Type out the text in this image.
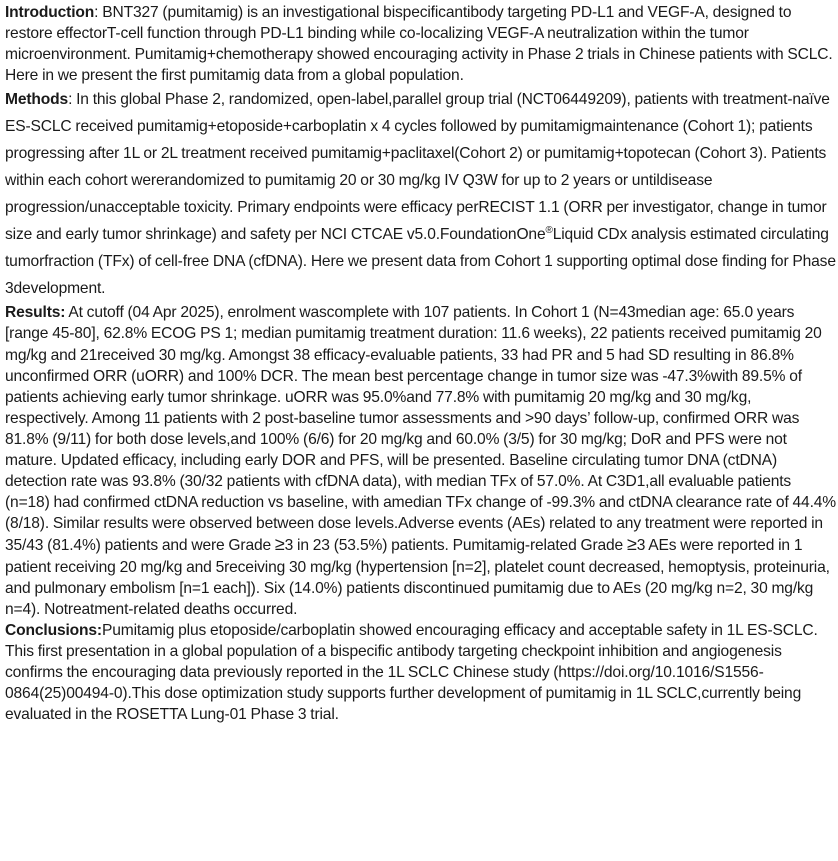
Introduction: BNT327 (pumitamig) is an investigational bispecificantibody targeting PD-L1 and VEGF-A, designed to restore effectorT-cell function through PD-L1 binding while co-localizing VEGF-A neutralization within the tumor microenvironment. Pumitamig+chemotherapy showed encouraging activity in Phase 2 trials in Chinese patients with SCLC. Here in we present the first pumitamig data from a global population.

Methods: In this global Phase 2, randomized, open-label,parallel group trial (NCT06449209), patients with treatment-naïve ES-SCLC received pumitamig+etoposide+carboplatin x 4 cycles followed by pumitamigmaintenance (Cohort 1); patients progressing after 1L or 2L treatment received pumitamig+paclitaxel(Cohort 2) or pumitamig+topotecan (Cohort 3). Patients within each cohort wererandomized to pumitamig 20 or 30 mg/kg IV Q3W for up to 2 years or untildisease progression/unacceptable toxicity. Primary endpoints were efficacy perRECIST 1.1 (ORR per investigator, change in tumor size and early tumor shrinkage) and safety per NCI CTCAE v5.0.FoundationOne®Liquid CDx analysis estimated circulating tumorfraction (TFx) of cell-free DNA (cfDNA). Here we present data from Cohort 1 supporting optimal dose finding for Phase 3development.

Results: At cutoff (04 Apr 2025), enrolment wascomplete with 107 patients. In Cohort 1 (N=43median age: 65.0 years [range 45-80], 62.8% ECOG PS 1; median pumitamig treatment duration: 11.6 weeks), 22 patients received pumitamig 20 mg/kg and 21received 30 mg/kg. Amongst 38 efficacy-evaluable patients, 33 had PR and 5 had SD resulting in 86.8% unconfirmed ORR (uORR) and 100% DCR. The mean best percentage change in tumor size was -47.3%with 89.5% of patients achieving early tumor shrinkage. uORR was 95.0%and 77.8% with pumitamig 20 mg/kg and 30 mg/kg, respectively. Among 11 patients with 2 post-baseline tumor assessments and >90 days’ follow-up, confirmed ORR was 81.8% (9/11) for both dose levels,and 100% (6/6) for 20 mg/kg and 60.0% (3/5) for 30 mg/kg; DoR and PFS were not mature. Updated efficacy, including early DOR and PFS, will be presented. Baseline circulating tumor DNA (ctDNA) detection rate was 93.8% (30/32 patients with cfDNA data), with median TFx of 57.0%. At C3D1,all evaluable patients (n=18) had confirmed ctDNA reduction vs baseline, with amedian TFx change of -99.3% and ctDNA clearance rate of 44.4% (8/18). Similar results were observed between dose levels.Adverse events (AEs) related to any treatment were reported in 35/43 (81.4%) patients and were Grade ≥3 in 23 (53.5%) patients. Pumitamig-related Grade ≥3 AEs were reported in 1 patient receiving 20 mg/kg and 5receiving 30 mg/kg (hypertension [n=2], platelet count decreased, hemoptysis, proteinuria, and pulmonary embolism [n=1 each]). Six (14.0%) patients discontinued pumitamig due to AEs (20 mg/kg n=2, 30 mg/kg n=4). Notreatment-related deaths occurred.

Conclusions:Pumitamig plus etoposide/carboplatin showed encouraging efficacy and acceptable safety in 1L ES-SCLC. This first presentation in a global population of a bispecific antibody targeting checkpoint inhibition and angiogenesis confirms the encouraging data previously reported in the 1L SCLC Chinese study (https://doi.org/10.1016/S1556-0864(25)00494-0).This dose optimization study supports further development of pumitamig in 1L SCLC,currently being evaluated in the ROSETTA Lung-01 Phase 3 trial.
